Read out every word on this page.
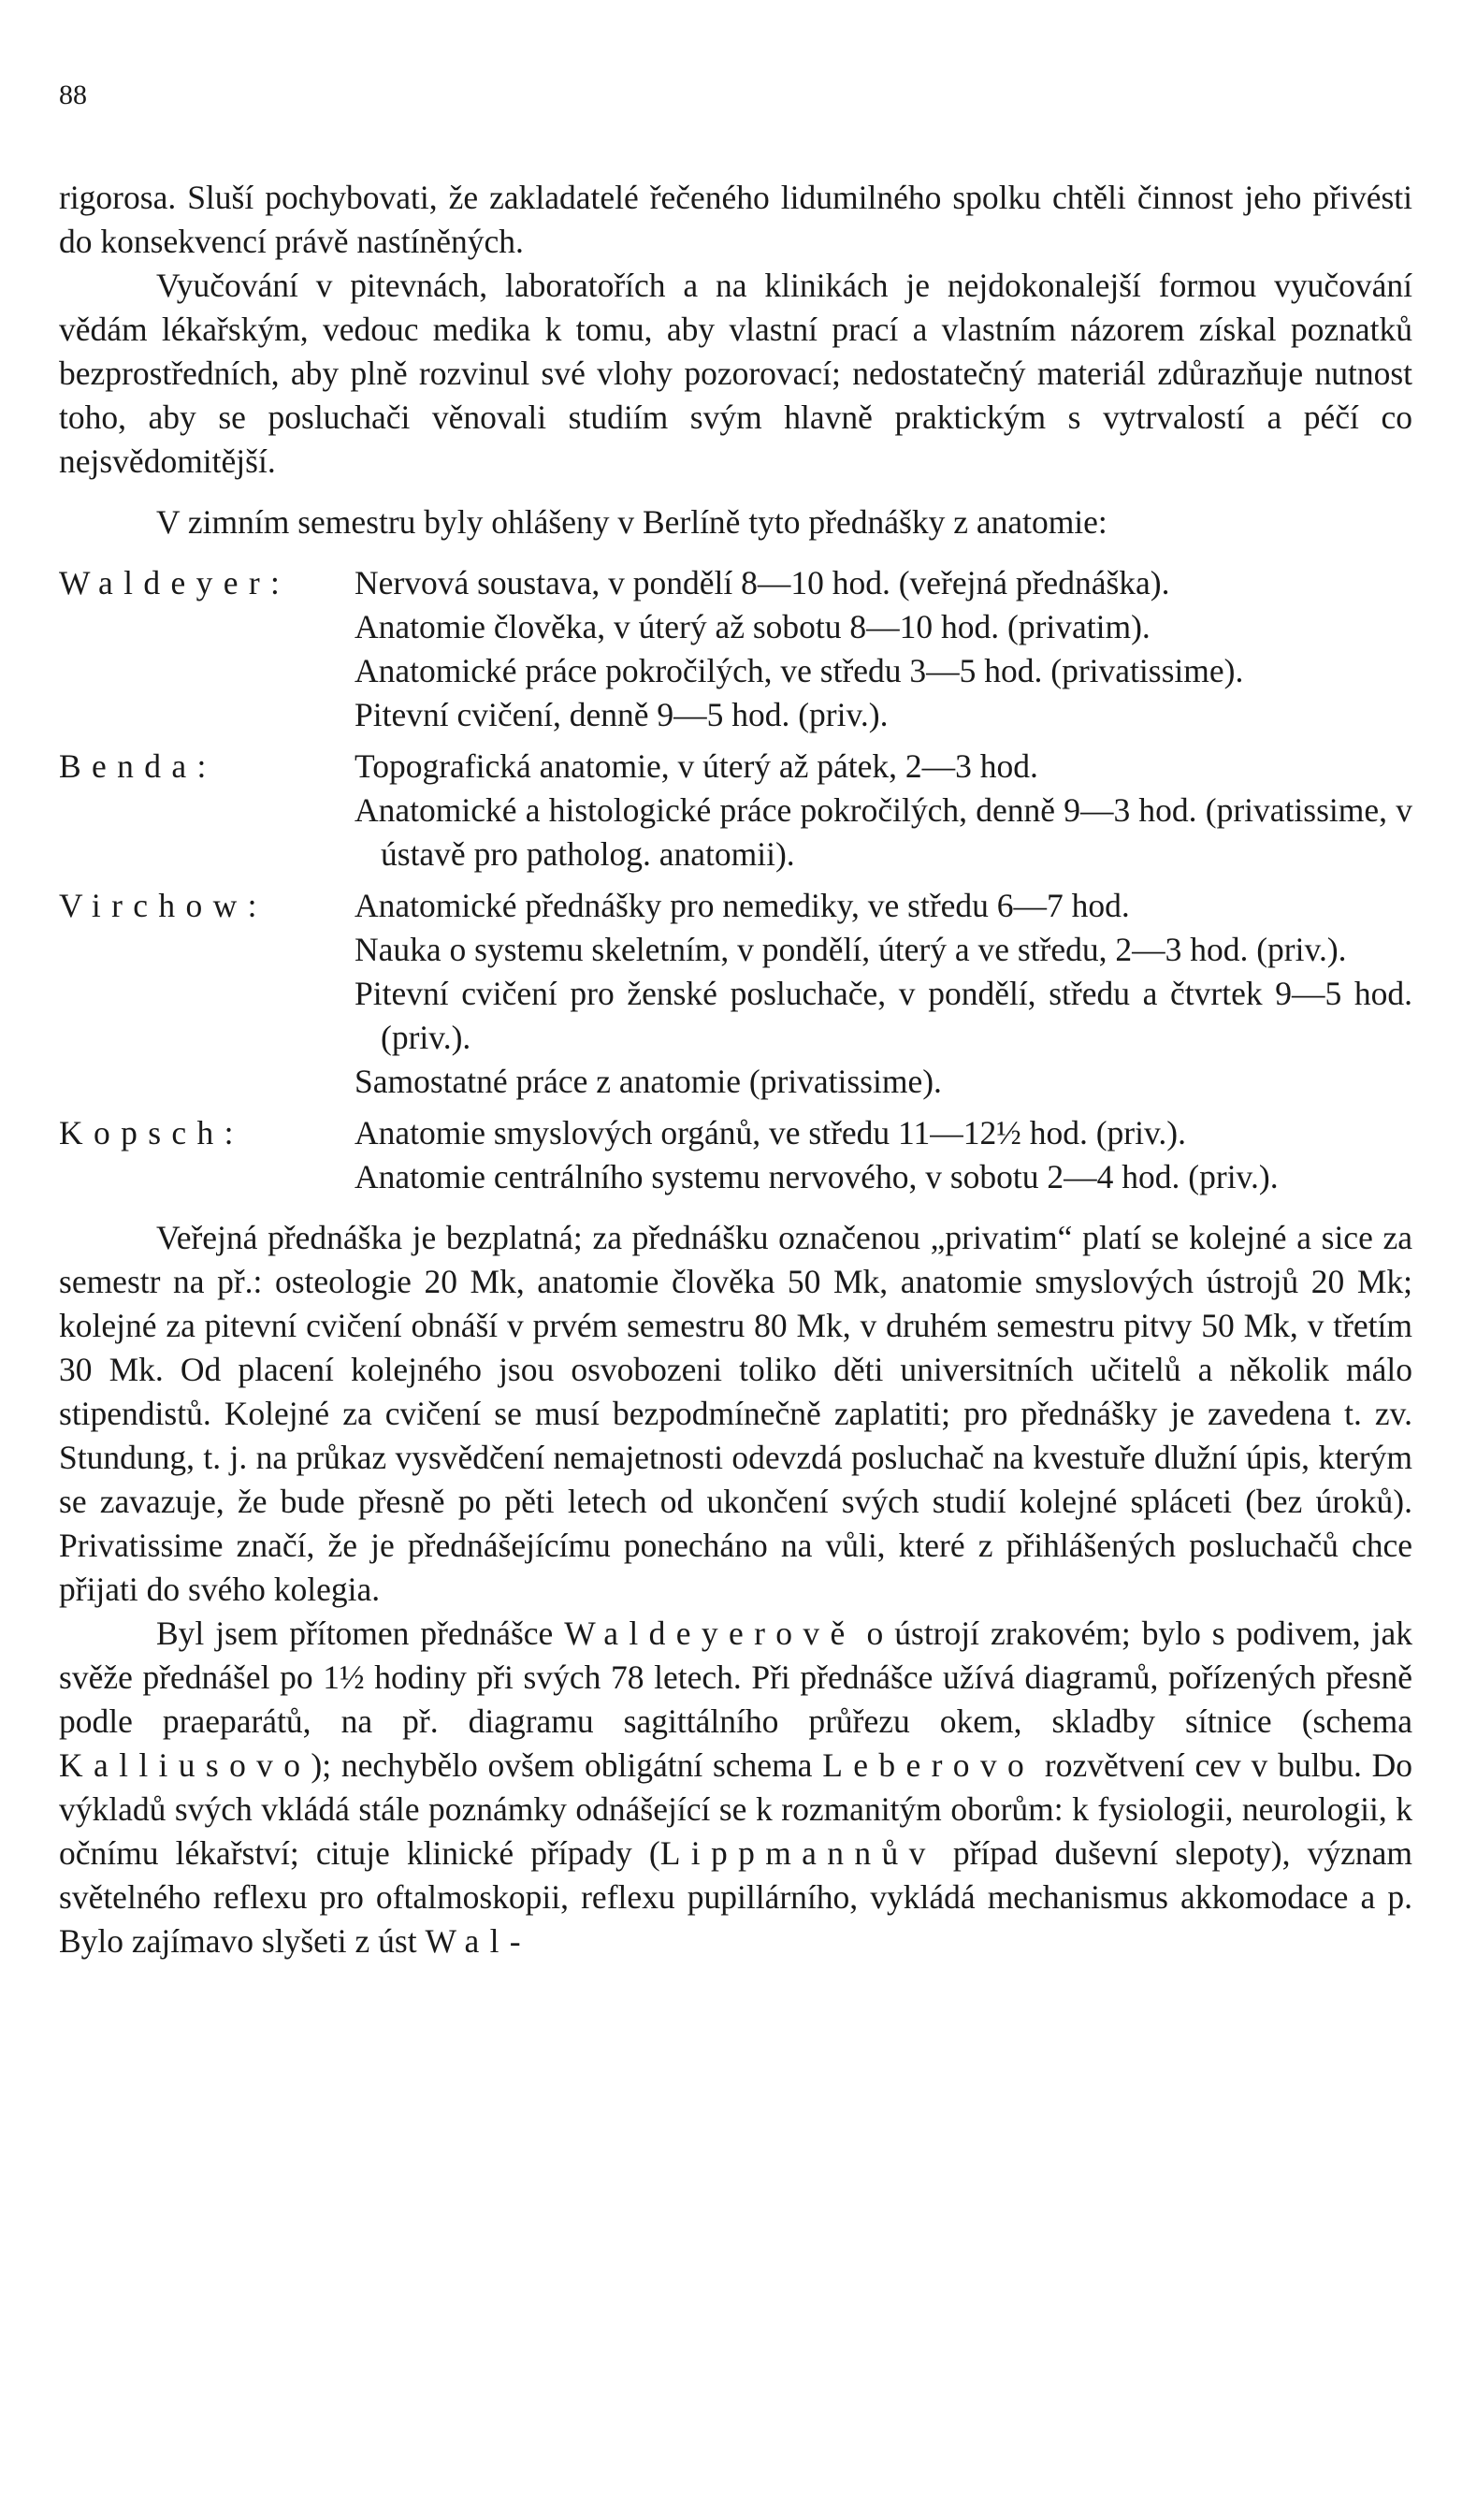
88

rigorosa. Sluší pochybovati, že zakladatelé řečeného lidumilného spolku chtěli činnost jeho přivésti do konsekvencí právě nastíněných.

Vyučování v pitevnách, laboratořích a na klinikách je nejdokonalejší formou vyučování vědám lékařským, vedouc medika k tomu, aby vlastní prací a vlastním názorem získal poznatků bezprostředních, aby plně rozvinul své vlohy pozorovací; nedostatečný materiál zdůrazňuje nutnost toho, aby se posluchači věnovali studiím svým hlavně praktickým s vytrvalostí a péčí co nejsvědomitější.

V zimním semestru byly ohlášeny v Berlíně tyto přednášky z anatomie:

Waldeyer:	Nervová soustava, v pondělí 8—10 hod. (veřejná přednáška).
Anatomie člověka, v úterý až sobotu 8—10 hod. (privatim).
Anatomické práce pokročilých, ve středu 3—5 hod. (privatissime).
Pitevní cvičení, denně 9—5 hod. (priv.).
Benda:	Topografická anatomie, v úterý až pátek, 2—3 hod.
Anatomické a histologické práce pokročilých, denně 9—3 hod. (privatissime, v ústavě pro patholog. anatomii).
Virchow:	Anatomické přednášky pro nemediky, ve středu 6—7 hod.
Nauka o systemu skeletním, v pondělí, úterý a ve středu, 2—3 hod. (priv.).
Pitevní cvičení pro ženské posluchače, v pondělí, středu a čtvrtek 9—5 hod. (priv.).
Samostatné práce z anatomie (privatissime).
Kopsch:	Anatomie smyslových orgánů, ve středu 11—12½ hod. (priv.).
Anatomie centrálního systemu nervového, v sobotu 2—4 hod. (priv.).

Veřejná přednáška je bezplatná; za přednášku označenou „privatim“ platí se kolejné a sice za semestr na př.: osteologie 20 Mk, anatomie člověka 50 Mk, anatomie smyslových ústrojů 20 Mk; kolejné za pitevní cvičení obnáší v prvém semestru 80 Mk, v druhém semestru pitvy 50 Mk, v třetím 30 Mk. Od placení kolejného jsou osvobozeni toliko děti universitních učitelů a několik málo stipendistů. Kolejné za cvičení se musí bezpodmínečně zaplatiti; pro přednášky je zavedena t. zv. Stundung, t. j. na průkaz vysvědčení nemajetnosti odevzdá posluchač na kvestuře dlužní úpis, kterým se zavazuje, že bude přesně po pěti letech od ukončení svých studií kolejné spláceti (bez úroků). Privatissime značí, že je přednášejícímu ponecháno na vůli, které z přihlášených posluchačů chce přijati do svého kolegia.

Byl jsem přítomen přednášce Waldeyerově o ústrojí zrakovém; bylo s podivem, jak svěže přednášel po 1½ hodiny při svých 78 letech. Při přednášce užívá diagramů, pořízených přesně podle praeparátů, na př. diagramu sagittálního průřezu okem, skladby sítnice (schema Kalliusovo); nechybělo ovšem obligátní schema Leberovo rozvětvení cev v bulbu. Do výkladů svých vkládá stále poznámky odnášející se k rozmanitým oborům: k fysiologii, neurologii, k očnímu lékařství; cituje klinické případy (Lippmannův případ duševní slepoty), význam světelného reflexu pro oftalmoskopii, reflexu pupillárního, vykládá mechanismus akkomodace a p. Bylo zajímavo slyšeti z úst Wal-
